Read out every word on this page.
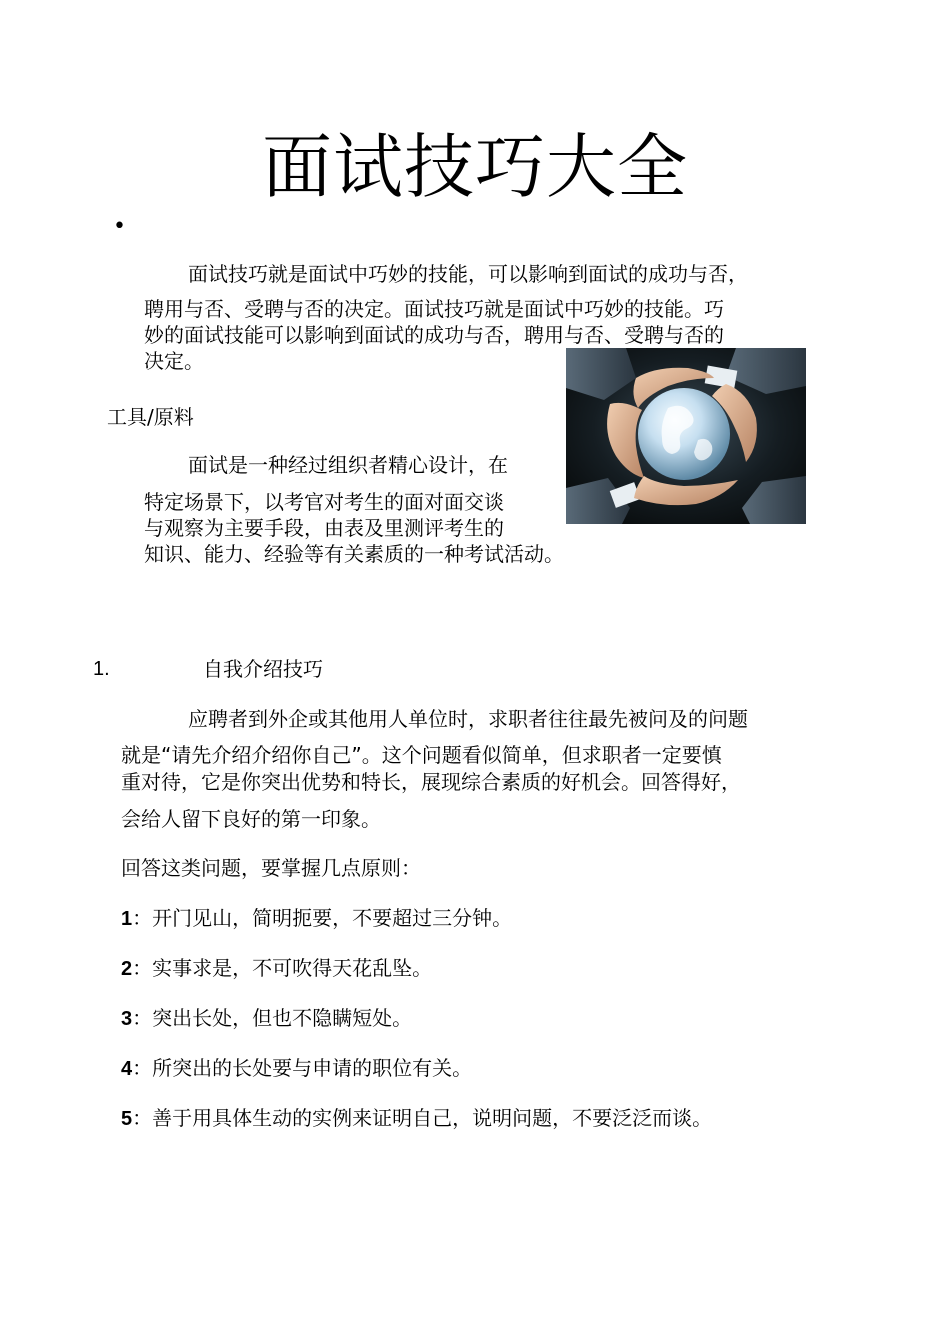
面试技巧大全
•
面试技巧就是面试中巧妙的技能，可以影响到面试的成功与否，
聘用与否、受聘与否的决定。面试技巧就是面试中巧妙的技能。巧
妙的面试技能可以影响到面试的成功与否，聘用与否、受聘与否的
决定。
工具/原料
面试是一种经过组织者精心设计，在
特定场景下，以考官对考生的面对面交谈
与观察为主要手段，由表及里测评考生的
知识、能力、经验等有关素质的一种考试活动。
1.	自我介绍技巧
应聘者到外企或其他用人单位时，求职者往往最先被问及的问题
就是“请先介绍介绍你自己”。这个问题看似简单，但求职者一定要慎
重对待，它是你突出优势和特长，展现综合素质的好机会。回答得好，
会给人留下良好的第一印象。
回答这类问题，要掌握几点原则：
1：开门见山，简明扼要，不要超过三分钟。
2：实事求是，不可吹得天花乱坠。
3：突出长处，但也不隐瞒短处。
4：所突出的长处要与申请的职位有关。
5：善于用具体生动的实例来证明自己，说明问题，不要泛泛而谈。
